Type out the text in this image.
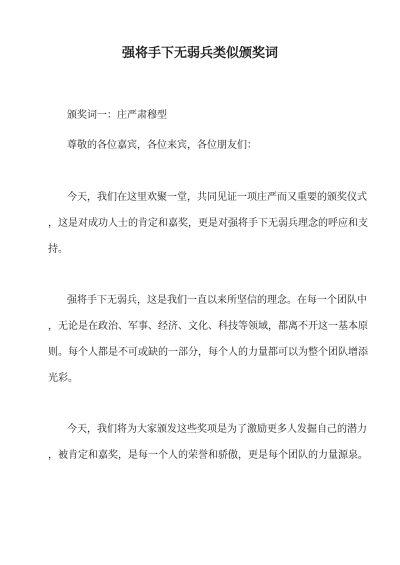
强将手下无弱兵类似颁奖词
颁奖词一：庄严肃穆型
尊敬的各位嘉宾，各位来宾，各位朋友们：
今天，我们在这里欢聚一堂，共同见证一项庄严而又重要的颁奖仪式
，这是对成功人士的肯定和嘉奖，更是对强将手下无弱兵理念的呼应和支
持。
强将手下无弱兵，这是我们一直以来所坚信的理念。在每一个团队中
，无论是在政治、军事、经济、文化、科技等领域，都离不开这一基本原
则。每个人都是不可或缺的一部分，每个人的力量都可以为整个团队增添
光彩。
今天，我们将为大家颁发这些奖项是为了激励更多人发掘自己的潜力
，被肯定和嘉奖，是每一个人的荣誉和骄傲，更是每个团队的力量源泉。
